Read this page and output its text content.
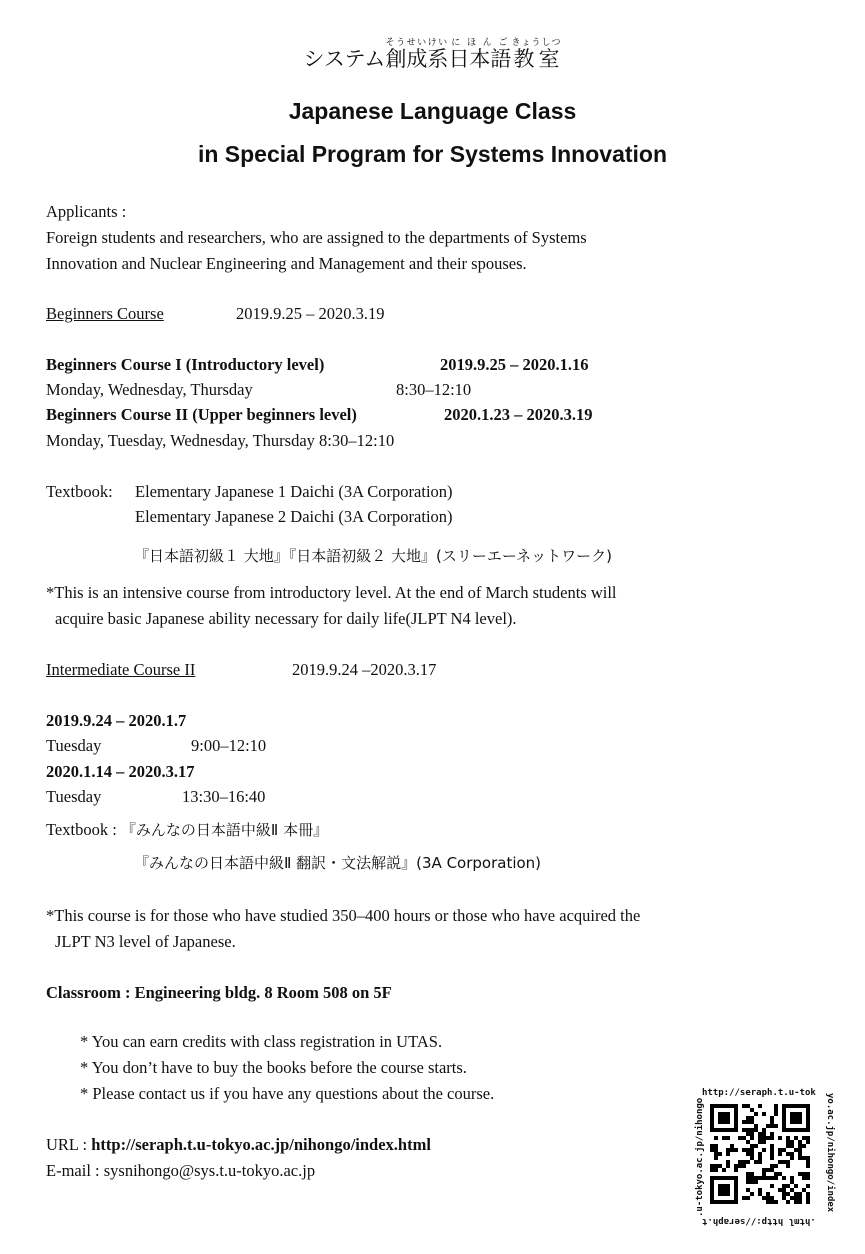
システム創成系そうせいけい日本語にほんご教室きょうしつ
Japanese Language Class
in Special Program for Systems Innovation
Applicants :
Foreign students and researchers, who are assigned to the departments of Systems
Innovation and Nuclear Engineering and Management and their spouses.
Beginners Course	2019.9.25 – 2020.3.19
Beginners Course I (Introductory level)	2019.9.25 – 2020.1.16
Monday, Wednesday, Thursday	8:30–12:10
Beginners Course II (Upper beginners level)	2020.1.23 – 2020.3.19
Monday, Tuesday, Wednesday, Thursday 8:30–12:10
Textbook: Elementary Japanese 1 Daichi (3A Corporation)
Elementary Japanese 2 Daichi (3A Corporation)
『日本語初級１ 大地』『日本語初級２ 大地』(スリーエーネットワーク)
*This is an intensive course from introductory level. At the end of March students will
acquire basic Japanese ability necessary for daily life(JLPT N4 level).
Intermediate Course II	2019.9.24 –2020.3.17
2019.9.24 – 2020.1.7
Tuesday	9:00–12:10
2020.1.14 – 2020.3.17
Tuesday	13:30–16:40
Textbook : 『みんなの日本語中級Ⅱ 本冊』
『みんなの日本語中級Ⅱ 翻訳・文法解説』(3A Corporation)
*This course is for those who have studied 350–400 hours or those who have acquired the
JLPT N3 level of Japanese.
Classroom : Engineering bldg. 8 Room 508 on 5F
* You can earn credits with class registration in UTAS.
* You don’t have to buy the books before the course starts.
* Please contact us if you have any questions about the course.
URL : http://seraph.t.u-tokyo.ac.jp/nihongo/index.html
E-mail : sysnihongo@sys.t.u-tokyo.ac.jp
http://seraph.t.u-tok yo.ac.jp/nihongo/index
.html http://seraph.t
.u-tokyo.ac.jp/nihongo
